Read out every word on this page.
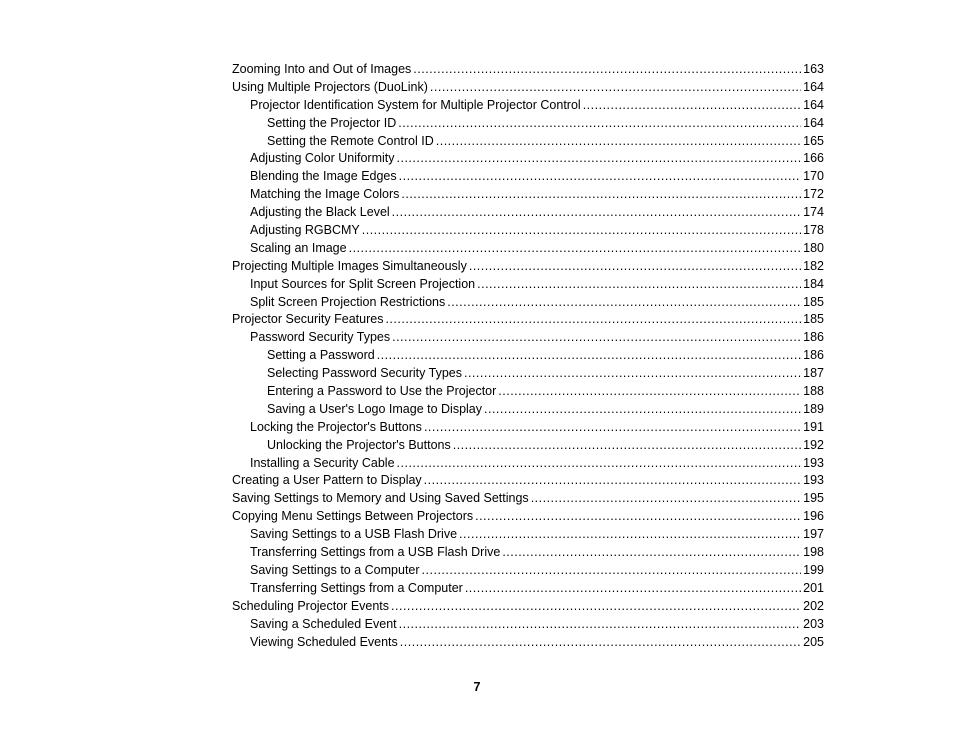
Zooming Into and Out of Images .....	163
Using Multiple Projectors (DuoLink) .....	164
Projector Identification System for Multiple Projector Control .....	164
Setting the Projector ID .....	164
Setting the Remote Control ID .....	165
Adjusting Color Uniformity .....	166
Blending the Image Edges .....	170
Matching the Image Colors .....	172
Adjusting the Black Level .....	174
Adjusting RGBCMY .....	178
Scaling an Image .....	180
Projecting Multiple Images Simultaneously .....	182
Input Sources for Split Screen Projection .....	184
Split Screen Projection Restrictions .....	185
Projector Security Features .....	185
Password Security Types .....	186
Setting a Password .....	186
Selecting Password Security Types .....	187
Entering a Password to Use the Projector .....	188
Saving a User's Logo Image to Display .....	189
Locking the Projector's Buttons .....	191
Unlocking the Projector's Buttons .....	192
Installing a Security Cable .....	193
Creating a User Pattern to Display .....	193
Saving Settings to Memory and Using Saved Settings .....	195
Copying Menu Settings Between Projectors .....	196
Saving Settings to a USB Flash Drive .....	197
Transferring Settings from a USB Flash Drive .....	198
Saving Settings to a Computer .....	199
Transferring Settings from a Computer .....	201
Scheduling Projector Events .....	202
Saving a Scheduled Event .....	203
Viewing Scheduled Events .....	205
7
